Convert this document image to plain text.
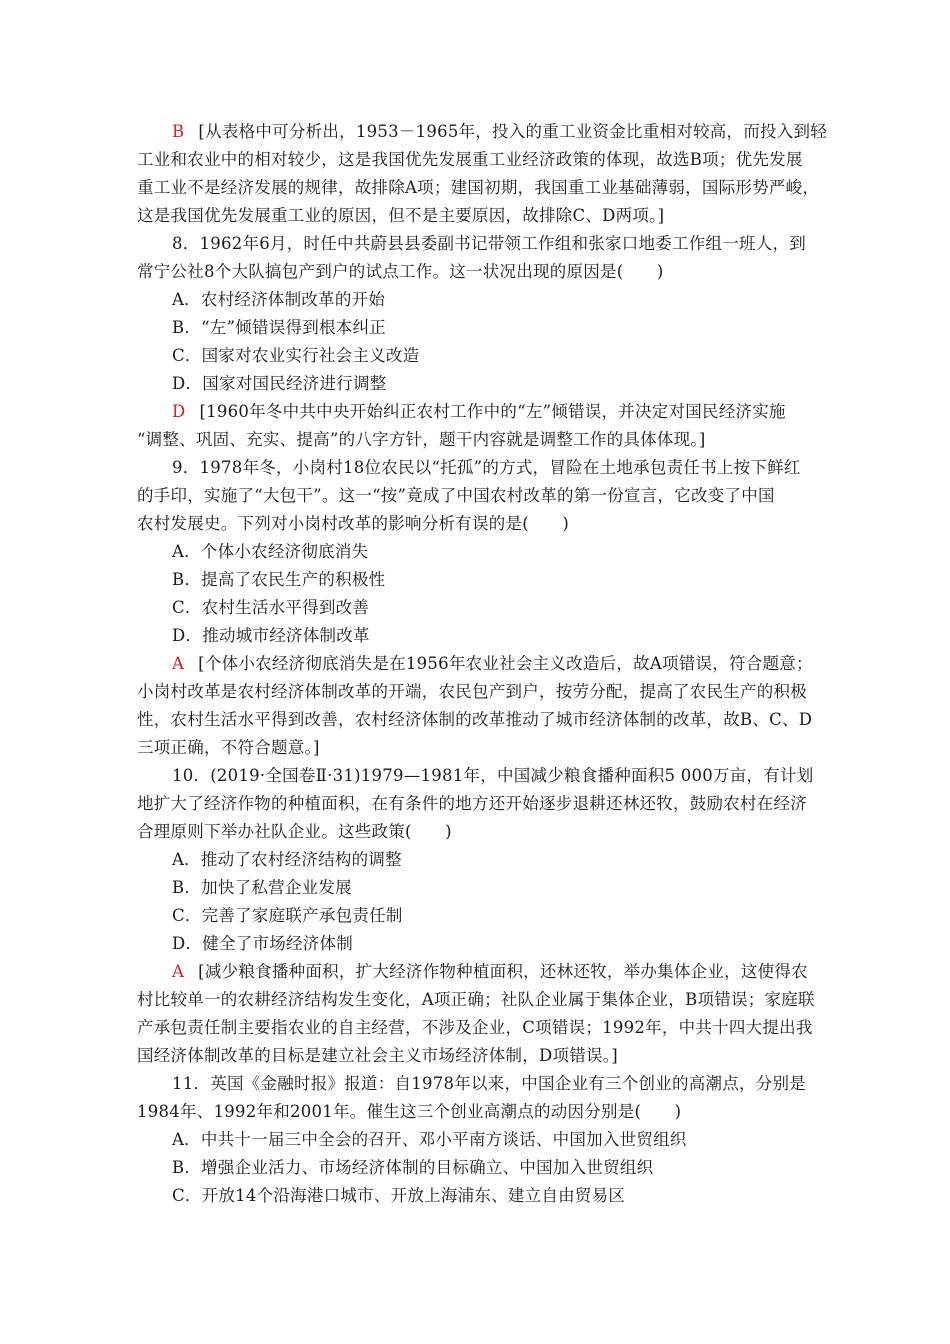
B [从表格中可分析出，1953－1965年，投入的重工业资金比重相对较高，而投入到轻
工业和农业中的相对较少，这是我国优先发展重工业经济政策的体现，故选B项；优先发展
重工业不是经济发展的规律，故排除A项；建国初期，我国重工业基础薄弱，国际形势严峻，
这是我国优先发展重工业的原因，但不是主要原因，故排除C、D两项。]
8．1962年6月，时任中共蔚县县委副书记带领工作组和张家口地委工作组一班人，到
常宁公社8个大队搞包产到户的试点工作。这一状况出现的原因是(　　)
A．农村经济体制改革的开始
B．“左”倾错误得到根本纠正
C．国家对农业实行社会主义改造
D．国家对国民经济进行调整
D [1960年冬中共中央开始纠正农村工作中的“左”倾错误，并决定对国民经济实施
“调整、巩固、充实、提高”的八字方针，题干内容就是调整工作的具体体现。]
9．1978年冬，小岗村18位农民以“托孤”的方式，冒险在土地承包责任书上按下鲜红
的手印，实施了“大包干”。这一“按”竟成了中国农村改革的第一份宣言，它改变了中国
农村发展史。下列对小岗村改革的影响分析有误的是(　　)
A．个体小农经济彻底消失
B．提高了农民生产的积极性
C．农村生活水平得到改善
D．推动城市经济体制改革
A [个体小农经济彻底消失是在1956年农业社会主义改造后，故A项错误，符合题意；
小岗村改革是农村经济体制改革的开端，农民包产到户，按劳分配，提高了农民生产的积极
性，农村生活水平得到改善，农村经济体制的改革推动了城市经济体制的改革，故B、C、D
三项正确，不符合题意。]
10．(2019·全国卷Ⅱ·31)1979—1981年，中国减少粮食播种面积5 000万亩，有计划
地扩大了经济作物的种植面积，在有条件的地方还开始逐步退耕还林还牧，鼓励农村在经济
合理原则下举办社队企业。这些政策(　　)
A．推动了农村经济结构的调整
B．加快了私营企业发展
C．完善了家庭联产承包责任制
D．健全了市场经济体制
A [减少粮食播种面积，扩大经济作物种植面积，还林还牧，举办集体企业，这使得农
村比较单一的农耕经济结构发生变化，A项正确；社队企业属于集体企业，B项错误；家庭联
产承包责任制主要指农业的自主经营，不涉及企业，C项错误；1992年，中共十四大提出我
国经济体制改革的目标是建立社会主义市场经济体制，D项错误。]
11．英国《金融时报》报道：自1978年以来，中国企业有三个创业的高潮点，分别是
1984年、1992年和2001年。催生这三个创业高潮点的动因分别是(　　)
A．中共十一届三中全会的召开、邓小平南方谈话、中国加入世贸组织
B．增强企业活力、市场经济体制的目标确立、中国加入世贸组织
C．开放14个沿海港口城市、开放上海浦东、建立自由贸易区
